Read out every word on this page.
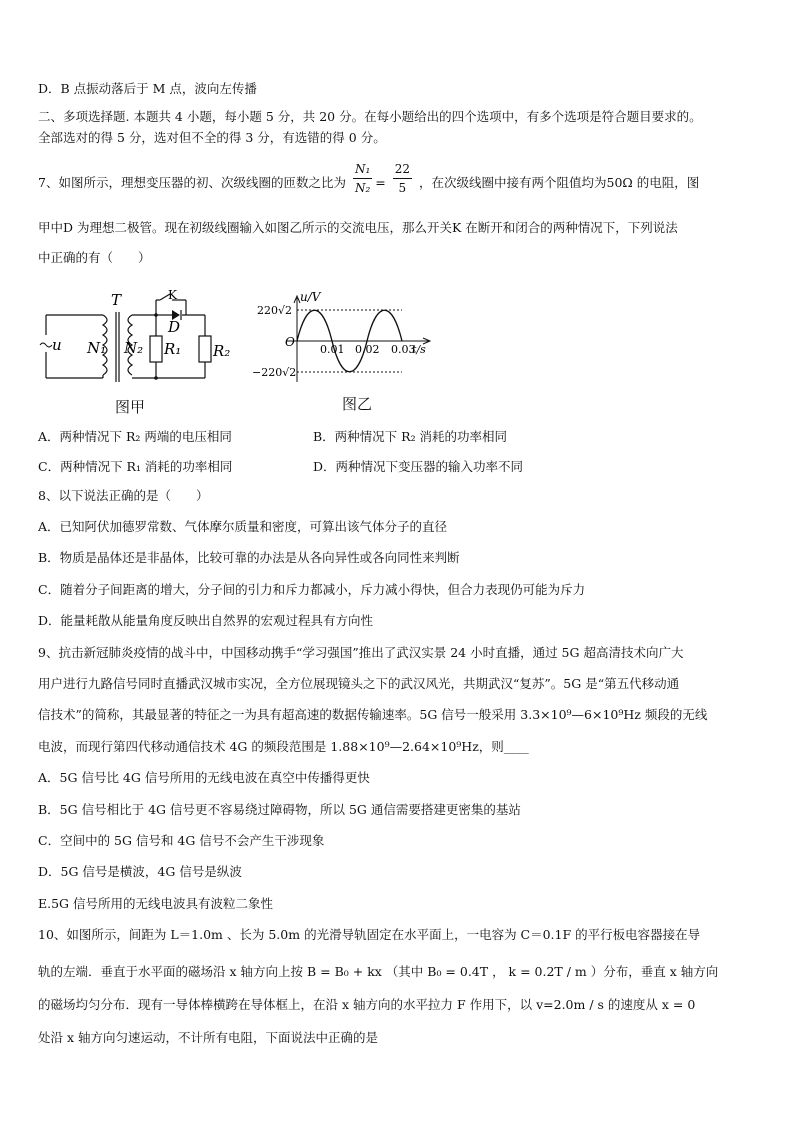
D．B 点振动落后于 M 点，波向左传播
二、多项选择题. 本题共 4 小题，每小题 5 分，共 20 分。在每小题给出的四个选项中，有多个选项是符合题目要求的。
全部选对的得 5 分，选对但不全的得 3 分，有选错的得 0 分。
7、如图所示，理想变压器的初、次级线圈的匝数之比为 $\frac{\text{N₁}}{\text{N₂}} = \frac{22}{5}$ ，在次级线圈中接有两个阻值均为50Ω 的电阻，图
甲中D 为理想二极管。现在初级线圈输入如图乙所示的交流电压，那么开关K 在断开和闭合的两种情况下，下列说法
中正确的有（　　）
u N₁ N₂
T	K
D
R₁ R₂
图甲
220√2
−220√2
u/V
O
0.01 0.02 0.03
t/s
图乙
A．两种情况下 R₂ 两端的电压相同	B．两种情况下 R₂ 消耗的功率相同
C．两种情况下 R₁ 消耗的功率相同	D．两种情况下变压器的输入功率不同
8、以下说法正确的是（　　）
A．已知阿伏加德罗常数、气体摩尔质量和密度，可算出该气体分子的直径
B．物质是晶体还是非晶体，比较可靠的办法是从各向异性或各向同性来判断
C．随着分子间距离的增大，分子间的引力和斥力都减小，斥力减小得快，但合力表现仍可能为斥力
D．能量耗散从能量角度反映出自然界的宏观过程具有方向性
9、抗击新冠肺炎疫情的战斗中，中国移动携手“学习强国”推出了武汉实景 24 小时直播，通过 5G 超高清技术向广大
用户进行九路信号同时直播武汉城市实况，全方位展现镜头之下的武汉风光，共期武汉“复苏”。5G 是“第五代移动通
信技术”的简称，其最显著的特征之一为具有超高速的数据传输速率。5G 信号一般采用 3.3×10⁹—6×10⁹Hz 频段的无线
电波，而现行第四代移动通信技术 4G 的频段范围是 1.88×10⁹—2.64×10⁹Hz，则____
A．5G 信号比 4G 信号所用的无线电波在真空中传播得更快
B．5G 信号相比于 4G 信号更不容易绕过障碍物，所以 5G 通信需要搭建更密集的基站
C．空间中的 5G 信号和 4G 信号不会产生干涉现象
D．5G 信号是横波，4G 信号是纵波
E.5G 信号所用的无线电波具有波粒二象性
10、如图所示，间距为 L＝1.0m 、长为 5.0m 的光滑导轨固定在水平面上，一电容为 C＝0.1F 的平行板电容器接在导
轨的左端．垂直于水平面的磁场沿 x 轴方向上按 B = B₀ + kx （其中 B₀ = 0.4T ， k = 0.2T / m ）分布，垂直 x 轴方向
的磁场均匀分布．现有一导体棒横跨在导体框上，在沿 x 轴方向的水平拉力 F 作用下，以 v=2.0m / s 的速度从 x = 0
处沿 x 轴方向匀速运动，不计所有电阻，下面说法中正确的是
